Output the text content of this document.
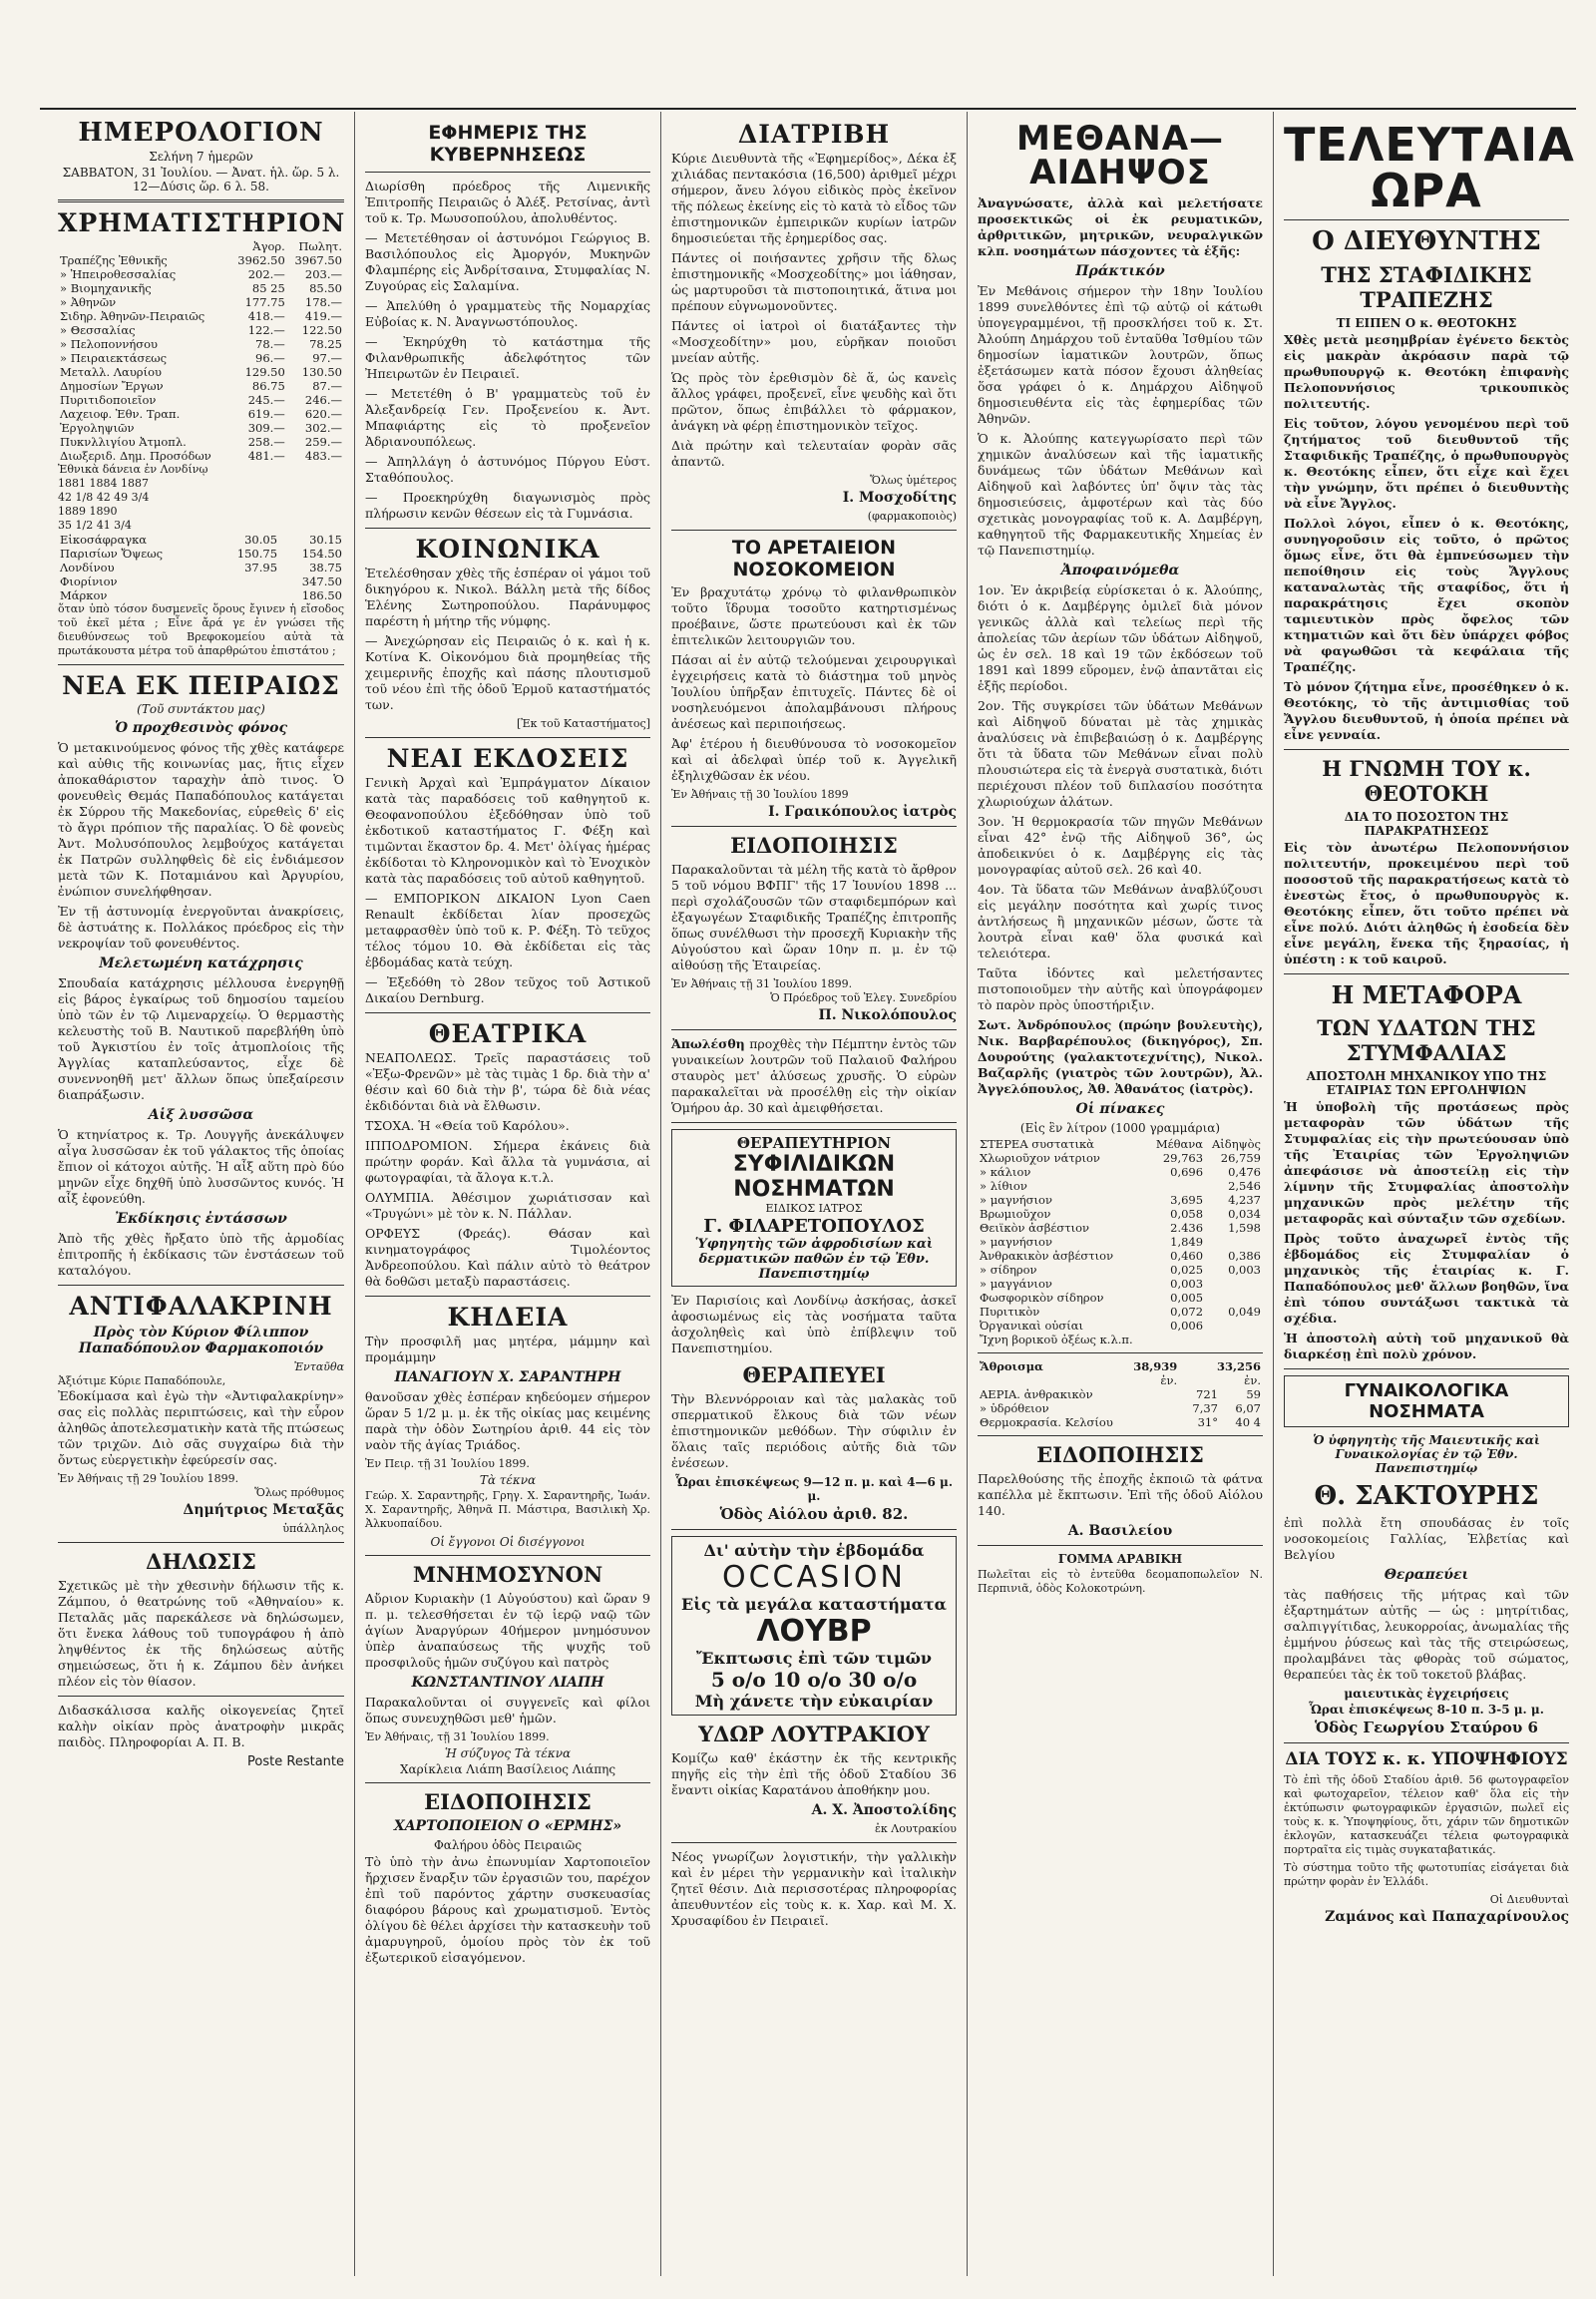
ΗΜΕΡΟΛΟΓΙΟΝ
Σελήνη 7 ἡμερῶν
ΣΑΒΒΑΤΟΝ, 31 Ἰουλίου. — Ἀνατ. ἡλ. ὥρ. 5 λ. 12—Δύσις ὥρ. 6 λ. 58.
ΧΡΗΜΑΤΙΣΤΗΡΙΟΝ
	Ἀγορ.	Πωλητ.
Τραπέζης Ἐθνικῆς	3962.50	3967.50
» Ἠπειροθεσσαλίας	202.—	203.—
» Βιομηχανικῆς	85 25	85.50
» Ἀθηνῶν	177.75	178.—
Σιδηρ. Ἀθηνῶν-Πειραιῶς	418.—	419.—
» Θεσσαλίας	122.—	122.50
» Πελοποννήσου	78.—	78.25
» Πειραιεκτάσεως	96.—	97.—
Μεταλλ. Λαυρίου	129.50	130.50
Δημοσίων Ἔργων	86.75	87.—
Πυριτιδοποιεῖον	245.—	246.—
Λαχειοφ. Ἐθν. Τραπ.	619.—	620.—
Ἐργοληψιῶν	309.—	302.—
Πυκνλλιγίου Ἀτμοπλ.	258.—	259.—
Διωξεριδ. Δημ. Προσόδων	481.—	483.—
Ἐθνικὰ δάνεια ἐν Λονδίνῳ
1881 1884 1887
42 1/8 42 49 3/4
1889 1890
35 1/2 41 3/4
Εἰκοσάφραγκα	30.05	30.15
Παρισίων Ὄψεως	150.75	154.50
Λονδίνου	37.95	38.75
Φιορίνιον		347.50
Μάρκον		186.50

ὅταν ὑπὸ τόσον δυσμενεῖς ὅρους ἔγινεν ἡ εἴσοδος τοῦ ἐκεῖ μέτα ; Εἶνε ἄρά γε ἐν γνώσει τῆς διευθύνσεως τοῦ Βρεφοκομείου αὐτὰ τὰ πρωτάκουστα μέτρα τοῦ ἀπαρθρώτου ἐπιστάτου ;

ΝΕΑ ΕΚ ΠΕΙΡΑΙΩΣ
(Τοῦ συντάκτου μας)
Ὁ προχθεσινὸς φόνος

Ὁ μετακινούμενος φόνος τῆς χθὲς κατάφερε καὶ αὐθις τῆς κοινωνίας μας, ἥτις εἶχεν ἀποκαθάριστον ταραχὴν ἀπὸ τινος. Ὁ φονευθεὶς Θεμάς Παπαδόπουλος κατάγεται ἐκ Σύρρου τῆς Μακεδονίας, εὑρεθεὶς δ' εἰς τὸ ἄγρι πρόπιον τῆς παραλίας. Ὁ δὲ φονεὺς Ἀντ. Μολυσόπουλος λεμβούχος κατάγεται ἐκ Πατρῶν συλληφθεὶς δὲ εἰς ἐνδιάμεσον μετὰ τῶν Κ. Ποταμιάνου καὶ Ἀργυρίου, ἐνώπιον συνελήφθησαν.

Ἐν τῇ ἀστυνομίᾳ ἐνεργοῦνται ἀνακρίσεις, δὲ ἀστυάτης κ. Πολλάκος πρόεδρος εἰς τὴν νεκροψίαν τοῦ φονευθέντος.

Μελετωμένη κατάχρησις

Σπουδαία κατάχρησις μέλλουσα ἐνεργηθῇ εἰς βάρος ἐγκαίρως τοῦ δημοσίου ταμείου ὑπὸ τῶν ἐν τῷ Λιμεναρχείῳ. Ὁ θερμαστὴς κελευστὴς τοῦ Β. Ναυτικοῦ παρεβλήθη ὑπὸ τοῦ Ἀγκιστίου ἐν τοῖς ἀτμοπλοίοις τῆς Ἀγγλίας καταπλεύσαντος, εἶχε δὲ συνεννοηθῆ μετ' ἄλλων ὅπως ὑπεξαίρεσιν διαπράξωσιν.

Αἱξ λυσσῶσα

Ὁ κτηνίατρος κ. Τρ. Λουγγῆς ἀνεκάλυψεν αἶγα λυσσῶσαν ἐκ τοῦ γάλακτος τῆς ὁποίας ἔπιον οἱ κάτοχοι αὐτῆς. Ἡ αἶξ αὕτη πρὸ δύο μηνῶν εἶχε δηχθῆ ὑπὸ λυσσῶντος κυνός. Ἡ αἶξ ἐφονεύθη.

Ἐκδίκησις ἐντάσσων

Ἀπὸ τῆς χθὲς ἤρξατο ὑπὸ τῆς ἀρμοδίας ἐπιτροπῆς ἡ ἐκδίκασις τῶν ἐνστάσεων τοῦ καταλόγου.

ΑΝΤΙΦΑΛΑΚΡΙΝΗ
Πρὸς τὸν Κύριον Φίλιππον Παπαδόπουλον Φαρμακοποιόν
Ἐνταῦθα
Ἀξιότιμε Κύριε Παπαδόπουλε,

Ἐδοκίμασα καὶ ἐγὼ τὴν «Ἀντιφαλακρίνην» σας εἰς πολλὰς περιπτώσεις, καὶ τὴν εὗρον ἀληθῶς ἀποτελεσματικὴν κατὰ τῆς πτώσεως τῶν τριχῶν. Διὸ σᾶς συγχαίρω διὰ τὴν ὄντως εὐεργετικὴν ἐφεύρεσίν σας.

Ἐν Ἀθήναις τῇ 29 Ἰουλίου 1899.
Ὅλως πρόθυμος
Δημήτριος Μεταξᾶς
ὑπάλληλος
ΔΗΛΩΣΙΣ

Σχετικῶς μὲ τὴν χθεσινὴν δήλωσιν τῆς κ. Ζάμπου, ὁ θεατρώνης τοῦ «Ἀθηναίου» κ. Πεταλᾶς μᾶς παρεκάλεσε νὰ δηλώσωμεν, ὅτι ἔνεκα λάθους τοῦ τυπογράφου ἡ ἀπὸ ληψθέντος ἐκ τῆς δηλώσεως αὐτῆς σημειώσεως, ὅτι ἡ κ. Ζάμπου δὲν ἀνήκει πλέον εἰς τὸν θίασον.

Διδασκάλισσα καλῆς οἰκογενείας ζητεῖ καλὴν οἰκίαν πρὸς ἀνατροφὴν μικρᾶς παιδὸς. Πληροφορίαι Α. Π. Β.

Poste Restante
ΕΦΗΜΕΡΙΣ ΤΗΣ ΚΥΒΕΡΝΗΣΕΩΣ

Διωρίσθη πρόεδρος τῆς Λιμενικῆς Ἐπιτροπῆς Πειραιῶς ὁ Ἀλέξ. Ρετσίνας, ἀντὶ τοῦ κ. Τρ. Μωυσοπούλου, ἀπολυθέντος.

— Μετετέθησαν οἱ ἀστυνόμοι Γεώργιος Β. Βασιλόπουλος εἰς Ἀμοργόν, Μυκηνῶν Φλαμπέρης εἰς Ἀνδρίτσαινα, Στυμφαλίας Ν. Ζυγούρας εἰς Σαλαμίνα.

— Ἀπελύθη ὁ γραμματεὺς τῆς Νομαρχίας Εὐβοίας κ. Ν. Ἀναγνωστόπουλος.

— Ἐκηρύχθη τὸ κατάστημα τῆς Φιλανθρωπικῆς ἀδελφότητος τῶν Ἠπειρωτῶν ἐν Πειραιεῖ.

— Μετετέθη ὁ Β' γραμματεὺς τοῦ ἐν Ἀλεξανδρείᾳ Γεν. Προξενείου κ. Ἀντ. Μπαφιάρτης εἰς τὸ προξενεῖον Ἀδριανουπόλεως.

— Ἀπηλλάγη ὁ ἀστυνόμος Πύργου Εὐστ. Σταθόπουλος.

— Προεκηρύχθη διαγωνισμὸς πρὸς πλήρωσιν κενῶν θέσεων εἰς τὰ Γυμνάσια.

ΚΟΙΝΩΝΙΚΑ

Ἐτελέσθησαν χθὲς τῆς ἑσπέραν οἱ γάμοι τοῦ δικηγόρου κ. Νικολ. Βάλλη μετὰ τῆς δίδος Ἑλένης Σωτηροπούλου. Παράνυμφος παρέστη ἡ μήτηρ τῆς νύμφης.

— Ἀνεχώρησαν εἰς Πειραιῶς ὁ κ. καὶ ἡ κ. Κοτίνα Κ. Οἰκονόμου διὰ προμηθείας τῆς χειμερινῆς ἐποχῆς καὶ πάσης πλουτισμοῦ τοῦ νέου ἐπὶ τῆς ὁδοῦ Ἑρμοῦ καταστήματός των.

[Ἐκ τοῦ Καταστήματος]
ΝΕΑΙ ΕΚΔΟΣΕΙΣ

Γενικὴ Ἀρχαὶ καὶ Ἐμπράγματον Δίκαιον κατὰ τὰς παραδόσεις τοῦ καθηγητοῦ κ. Θεοφανοπούλου ἐξεδόθησαν ὑπὸ τοῦ ἐκδοτικοῦ καταστήματος Γ. Φέξη καὶ τιμῶνται ἕκαστον δρ. 4. Μετ' ὀλίγας ἡμέρας ἐκδίδοται τὸ Κληρονομικὸν καὶ τὸ Ἐνοχικὸν κατὰ τὰς παραδόσεις τοῦ αὐτοῦ καθηγητοῦ.

— ΕΜΠΟΡΙΚΟΝ ΔΙΚΑΙΟΝ Lyon Caen Renault ἐκδίδεται λίαν προσεχῶς μεταφρασθὲν ὑπὸ τοῦ κ. Ρ. Φέξη. Τὸ τεῦχος τέλος τόμου 10. Θὰ ἐκδίδεται εἰς τὰς ἑβδομάδας κατὰ τεύχη.

— Ἐξεδόθη τὸ 28ον τεῦχος τοῦ Ἀστικοῦ Δικαίου Dernburg.

ΘΕΑΤΡΙΚΑ

ΝΕΑΠΟΛΕΩΣ. Τρεῖς παραστάσεις τοῦ «Ἐξω-Φρενῶν» μὲ τὰς τιμὰς 1 δρ. διὰ τὴν α' θέσιν καὶ 60 διὰ τὴν β', τώρα δὲ διὰ νέας ἐκδιδόνται διὰ νὰ ἔλθωσιν.

ΤΣΟΧΑ. Ἡ «Θεία τοῦ Καρόλου».

ΙΠΠΟΔΡΟΜΙΟΝ. Σήμερα ἐκάνεις διὰ πρώτην φοράν. Καὶ ἄλλα τὰ γυμνάσια, αἱ φωτογραφίαι, τὰ ἄλογα κ.τ.λ.

ΟΛΥΜΠΙΑ. Ἀθέσιμον χωριάτισσαν καὶ «Τρυγώνι» μὲ τὸν κ. Ν. Πάλλαν.

ΟΡΦΕΥΣ (Φρεάς). Θάσαν καὶ κινηματογράφος Τιμολέοντος Ἀνδρεοπούλου. Καὶ πάλιν αὐτὸ τὸ θεάτρον θὰ δοθῶσι μεταξὺ παραστάσεις.

ΚΗΔΕΙΑ

Τὴν προσφιλῆ μας μητέρα, μάμμην καὶ προμάμμην

ΠΑΝΑΓΙΟΥΝ Χ. ΣΑΡΑΝΤΗΡΗ

θανοῦσαν χθὲς ἑσπέραν κηδεύομεν σήμερον ὥραν 5 1/2 μ. μ. ἐκ τῆς οἰκίας μας κειμένης παρὰ τὴν ὁδὸν Σωτηρίου ἀριθ. 44 εἰς τὸν ναὸν τῆς ἁγίας Τριάδος.

Ἐν Πειρ. τῇ 31 Ἰουλίου 1899.
Τὰ τέκνα

Γεώρ. Χ. Σαραντηρῆς, Γρηγ. Χ. Σαραντηρῆς, Ἰωάν. Χ. Σαραντηρῆς, Ἀθηνᾶ Π. Μάστιρα, Βασιλικὴ Χρ. Ἀλκυοπαίδου.

Οἱ ἔγγονοι Οἱ δισέγγονοι
ΜΝΗΜΟΣΥΝΟΝ

Αὔριον Κυριακὴν (1 Αὐγούστου) καὶ ὥραν 9 π. μ. τελεσθήσεται ἐν τῷ ἱερῷ ναῷ τῶν ἁγίων Ἀναργύρων 40ήμερον μνημόσυνον ὑπὲρ ἀναπαύσεως τῆς ψυχῆς τοῦ προσφιλοῦς ἡμῶν συζύγου καὶ πατρὸς

ΚΩΝΣΤΑΝΤΙΝΟΥ ΛΙΑΠΗ

Παρακαλοῦνται οἱ συγγενεῖς καὶ φίλοι ὅπως συνευχηθῶσι μεθ' ἡμῶν.

Ἐν Ἀθήναις, τῇ 31 Ἰουλίου 1899.
Ἡ σύζυγος Τὰ τέκνα
Χαρίκλεια Λιάπη Βασίλειος Λιάπης
ΕΙΔΟΠΟΙΗΣΙΣ
ΧΑΡΤΟΠΟΙΕΙΟΝ Ο «ΕΡΜΗΣ»
Φαλήρου ὁδὸς Πειραιῶς

Τὸ ὑπὸ τὴν ἀνω ἐπωνυμίαν Χαρτοποιεῖον ἤρχισεν ἔναρξιν τῶν ἐργασιῶν του, παρέχον ἐπὶ τοῦ παρόντος χάρτην συσκευασίας διαφόρου βάρους καὶ χρωματισμοῦ. Ἐντὸς ὀλίγου δὲ θέλει ἀρχίσει τὴν κατασκευὴν τοῦ ἀμαρυγηροῦ, ὁμοίου πρὸς τὸν ἐκ τοῦ ἐξωτερικοῦ εἰσαγόμενον.

ΔΙΑΤΡΙΒΗ

Κύριε Διευθυντὰ τῆς «Ἐφημερίδος», Δέκα ἐξ χιλιάδας πεντακόσια (16,500) ἀριθμεῖ μέχρι σήμερον, ἄνευ λόγου εἰδικὸς πρὸς ἐκεῖνον τῆς πόλεως ἐκείνης εἰς τὸ κατὰ τὸ εἶδος τῶν ἐπιστημονικῶν ἐμπειρικῶν κυρίων ἰατρῶν δημοσιεύεται τῆς ἐρημερίδος σας.

Πάντες οἱ ποιήσαντες χρῆσιν τῆς δλως ἐπιστημονικῆς «Μοσχεοδίτης» μοι ἰάθησαν, ὡς μαρτυροῦσι τὰ πιστοποιητικά, ἅτινα μοι πρέπουν εὐγνωμονοῦντες.

Πάντες οἱ ἰατροὶ οἱ διατάξαντες τὴν «Μοσχεοδίτην» μου, εὑρῆκαν ποιοῦσι μνείαν αὐτῆς.

Ὡς πρὸς τὸν ἐρεθισμὸν δὲ ἅ, ὡς κανεὶς ἄλλος γράφει, προξενεῖ, εἶνε ψευδὴς καὶ ὅτι πρῶτον, ὅπως ἐπιβάλλει τὸ φάρμακον, ἀνάγκη νὰ φέρῃ ἐπιστημονικὸν τεῖχος.

Διὰ πρώτην καὶ τελευταίαν φορὰν σᾶς ἀπαντῶ.

Ὅλως ὑμέτερος
Ι. Μοσχοδίτης
(φαρμακοποιὸς)
ΤΟ ΑΡΕΤΑΙΕΙΟΝ ΝΟΣΟΚΟΜΕΙΟΝ

Ἐν βραχυτάτῳ χρόνῳ τὸ φιλανθρωπικὸν τοῦτο ἵδρυμα τοσοῦτο κατηρτισμένως προέβαινε, ὥστε πρωτεύουσι καὶ ἐκ τῶν ἐπιτελικῶν λειτουργιῶν του.

Πάσαι αἱ ἐν αὐτῷ τελούμεναι χειρουργικαὶ ἐγχειρήσεις κατὰ τὸ διάστημα τοῦ μηνὸς Ἰουλίου ὑπῆρξαν ἐπιτυχεῖς. Πάντες δὲ οἱ νοσηλευόμενοι ἀπολαμβάνουσι πλήρους ἀνέσεως καὶ περιποιήσεως.

Ἀφ' ἑτέρου ἡ διευθύνουσα τὸ νοσοκομεῖον καὶ αἱ ἀδελφαὶ ὑπέρ τοῦ κ. Ἀγγελικῆ ἐξηλιχθῶσαν ἐκ νέου.

Ἐν Ἀθήναις τῇ 30 Ἰουλίου 1899
Ι. Γραικόπουλος ἰατρὸς
ΕΙΔΟΠΟΙΗΣΙΣ

Παρακαλοῦνται τὰ μέλη τῆς κατὰ τὸ ἄρθρον 5 τοῦ νόμου ΒΦΠΓ' τῆς 17 Ἰουνίου 1898 ... περὶ σχολάζουσῶν τῶν σταφιδεμπόρων καὶ ἐξαγωγέων Σταφιδικῆς Τραπέζης ἐπιτροπῆς ὅπως συνέλθωσι τὴν προσεχῆ Κυριακὴν τῆς Αὐγούστου καὶ ὥραν 10ην π. μ. ἐν τῷ αἰθούσῃ τῆς Ἑταιρείας.

Ἐν Ἀθήναις τῇ 31 Ἰουλίου 1899.
Ὁ Πρόεδρος τοῦ Ἐλεγ. Συνεδρίου
Π. Νικολόπουλος

Ἀπωλέσθη προχθὲς τὴν Πέμπτην ἐντὸς τῶν γυναικείων λουτρῶν τοῦ Παλαιοῦ Φαλήρου σταυρὸς μετ' ἁλύσεως χρυσῆς. Ὁ εὑρὼν παρακαλεῖται νὰ προσέλθῃ εἰς τὴν οἰκίαν Ὁμήρου ἀρ. 30 καὶ ἀμειφθήσεται.

ΘΕΡΑΠΕΥΤΗΡΙΟΝ
ΣΥΦΙΛΙΔΙΚΩΝ ΝΟΣΗΜΑΤΩΝ
ΕΙΔΙΚΟΣ ΙΑΤΡΟΣ
Γ. ΦΙΛΑΡΕΤΟΠΟΥΛΟΣ
Ὑφηγητὴς τῶν ἀφροδισίων καὶ δερματικῶν παθῶν ἐν τῷ Ἐθν. Πανεπιστημίῳ

Ἐν Παρισίοις καὶ Λονδίνῳ ἀσκήσας, ἀσκεῖ ἀφοσιωμένως εἰς τὰς νοσήματα ταῦτα ἀσχοληθεὶς καὶ ὑπὸ ἐπίβλεψιν τοῦ Πανεπιστημίου.

ΘΕΡΑΠΕΥΕΙ

Τὴν Βλεννόρροιαν καὶ τὰς μαλακὰς τοῦ σπερματικοῦ ἔλκους διὰ τῶν νέων ἐπιστημονικῶν μεθόδων. Τὴν σύφιλιν ἐν ὅλαις ταῖς περιόδοις αὐτῆς διὰ τῶν ἐνέσεων.

Ὧραι ἐπισκέψεως 9—12 π. μ. καὶ 4—6 μ. μ.
Ὁδὸς Αἰόλου ἀριθ. 82.
Δι' αὐτὴν τὴν ἑβδομάδα
OCCASION
Εἰς τὰ μεγάλα καταστήματα
ΛΟΥΒΡ
Ἔκπτωσις ἐπὶ τῶν τιμῶν
5 ο/ο 10 ο/ο 30 ο/ο
Μὴ χάνετε τὴν εὐκαιρίαν
ΥΔΩΡ ΛΟΥΤΡΑΚΙΟΥ

Κομίζω καθ' ἑκάστην ἐκ τῆς κεντρικῆς πηγῆς εἰς τὴν ἐπὶ τῆς ὁδοῦ Σταδίου 36 ἔναντι οἰκίας Καρατάνου ἀποθήκην μου.

Α. Χ. Ἀποστολίδης
ἐκ Λουτρακίου

Νέος γνωρίζων λογιστικήν, τὴν γαλλικὴν καὶ ἐν μέρει τὴν γερμανικὴν καὶ ἰταλικὴν ζητεῖ θέσιν. Διὰ περισσοτέρας πληροφορίας ἀπευθυντέον εἰς τοὺς κ. κ. Χαρ. καὶ Μ. Χ. Χρυσαφίδου ἐν Πειραιεῖ.

ΜΕΘΑΝΑ—ΑΙΔΗΨΟΣ

Ἀναγνώσατε, ἀλλὰ καὶ μελετήσατε προσεκτικῶς οἱ ἐκ ρευματικῶν, ἀρθριτικῶν, μητρικῶν, νευραλγικῶν κλπ. νοσημάτων πάσχοντες τὰ ἑξῆς:

Πράκτικόν

Ἐν Μεθάνοις σήμερον τὴν 18ην Ἰουλίου 1899 συνελθόντες ἐπὶ τῷ αὐτῷ οἱ κάτωθι ὑπογεγραμμένοι, τῇ προσκλήσει τοῦ κ. Στ. Ἀλούπη Δημάρχου τοῦ ἐνταῦθα Ἰσθμίου τῶν δημοσίων ἰαματικῶν λουτρῶν, ὅπως ἐξετάσωμεν κατὰ πόσον ἔχουσι ἀληθείας ὅσα γράφει ὁ κ. Δημάρχου Αἰδηψοῦ δημοσιευθέντα εἰς τὰς ἐφημερίδας τῶν Ἀθηνῶν.

Ὁ κ. Ἀλούπης κατεγγωρίσατο περὶ τῶν χημικῶν ἀναλύσεων καὶ τῆς ἰαματικῆς δυνάμεως τῶν ὑδάτων Μεθάνων καὶ Αἰδηψοῦ καὶ λαβόντες ὑπ' ὄψιν τὰς τὰς δημοσιεύσεις, ἀμφοτέρων καὶ τὰς δύο σχετικὰς μονογραφίας τοῦ κ. Α. Δαμβέργη, καθηγητοῦ τῆς Φαρμακευτικῆς Χημείας ἐν τῷ Πανεπιστημίῳ.

Ἀποφαινόμεθα

1ον. Ἐν ἀκριβείᾳ εὑρίσκεται ὁ κ. Ἀλούπης, διότι ὁ κ. Δαμβέργης ὁμιλεῖ διὰ μόνον γενικῶς ἀλλὰ καὶ τελείως περὶ τῆς ἀπολείας τῶν ἀερίων τῶν ὑδάτων Αἰδηψοῦ, ὡς ἐν σελ. 18 καὶ 19 τῶν ἐκδόσεων τοῦ 1891 καὶ 1899 εὕρομεν, ἐνῷ ἀπαντᾶται εἰς ἑξῆς περίοδοι.

2ον. Τῆς συγκρίσει τῶν ὑδάτων Μεθάνων καὶ Αἰδηψοῦ δύναται μὲ τὰς χημικὰς ἀναλύσεις νὰ ἐπιβεβαιώσῃ ὁ κ. Δαμβέργης ὅτι τὰ ὕδατα τῶν Μεθάνων εἶναι πολὺ πλουσιώτερα εἰς τὰ ἐνεργὰ συστατικὰ, διότι περιέχουσι πλέον τοῦ διπλασίου ποσότητα χλωριούχων ἁλάτων.

3ον. Ἡ θερμοκρασία τῶν πηγῶν Μεθάνων εἶναι 42° ἐνῷ τῆς Αἰδηψοῦ 36°, ὡς ἀποδεικνύει ὁ κ. Δαμβέργης εἰς τὰς μονογραφίας αὐτοῦ σελ. 26 καὶ 40.

4ον. Τὰ ὕδατα τῶν Μεθάνων ἀναβλύζουσι εἰς μεγάλην ποσότητα καὶ χωρίς τινος ἀντλήσεως ἢ μηχανικῶν μέσων, ὥστε τὰ λουτρὰ εἶναι καθ' ὅλα φυσικά καὶ τελειότερα.

Ταῦτα ἰδόντες καὶ μελετήσαντες πιστοποιοῦμεν τὴν αὐτῆς καὶ ὑπογράφομεν τὸ παρὸν πρὸς ὑποστήριξιν.

Σωτ. Ἀνδρόπουλος (πρώην βουλευτὴς), Νικ. Βαρβαρέπουλος (δικηγόρος), Σπ. Δουρούτης (γαλακτοτεχνίτης), Νικολ. Βαζαρλῆς (γιατρὸς τῶν λουτρῶν), Ἀλ. Ἀγγελόπουλος, Ἀθ. Ἀθανάτος (ἰατρὸς).

Οἱ πίνακες
(Εἰς ἓν λίτρον (1000 γραμμάρια)
ΣΤΕΡΕΑ συστατικὰ	Μέθανα	Αἰδηψὸς
Χλωριοῦχον νάτριον	29,763	26,759
» κάλιον	0,696	0,476
» λίθιον		2,546
» μαγνήσιον	3,695	4,237
Βρωμιοῦχον	0,058	0,034
Θειϊκὸν ἀσβέστιον	2.436	1,598
» μαγνήσιον	1,849	
Ἀνθρακικὸν ἀσβέστιον	0,460	0,386
» σίδηρον	0,025	0,003
» μαγγάνιον	0,003	
Φωσφορικὸν σίδηρον	0,005	
Πυριτικὸν	0,072	0,049
Ὀργανικαὶ οὐσίαι	0,006	
Ἴχνη βορικοῦ ὀξέως κ.λ.π.		
Ἄθροισμα	38,939	33,256
	ἐν.	ἐν.
ΑΕΡΙΑ. ἀνθρακικὸν	721	59
» ὑδρόθειον	7,37	6,07
Θερμοκρασία. Κελσίου	31°	40 4
ΕΙΔΟΠΟΙΗΣΙΣ

Παρελθούσης τῆς ἐποχῆς ἐκποιῶ τὰ φάτνα καπέλλα μὲ ἔκπτωσιν. Ἐπὶ τῆς ὁδοῦ Αἰόλου 140.

Α. Βασιλείου
ΓΟΜΜΑ ΑΡΑΒΙΚΗ

Πωλεῖται εἰς τὸ ἐντεῦθα δεομαποπωλεῖον Ν. Περπινιᾶ, ὁδὸς Κολοκοτρώνη.

ΤΕΛΕΥΤΑΙΑ ΩΡΑ
Ο ΔΙΕΥΘΥΝΤΗΣ
ΤΗΣ ΣΤΑΦΙΔΙΚΗΣ ΤΡΑΠΕΖΗΣ
ΤΙ ΕΙΠΕΝ Ο κ. ΘΕΟΤΟΚΗΣ

Χθὲς μετὰ μεσημβρίαν ἐγένετο δεκτὸς εἰς μακρὰν ἀκρόασιν παρὰ τῷ πρωθυπουργῷ κ. Θεοτόκη ἐπιφανὴς Πελοποννήσιος τρικουπικὸς πολιτευτής.

Εἰς τοῦτον, λόγου γενομένου περὶ τοῦ ζητήματος τοῦ διευθυντοῦ τῆς Σταφιδικῆς Τραπέζης, ὁ πρωθυπουργὸς κ. Θεοτόκης εἶπεν, ὅτι εἶχε καὶ ἔχει τὴν γνώμην, ὅτι πρέπει ὁ διευθυντὴς νὰ εἶνε Ἄγγλος.

Πολλοὶ λόγοι, εἶπεν ὁ κ. Θεοτόκης, συνηγοροῦσιν εἰς τοῦτο, ὁ πρῶτος ὅμως εἶνε, ὅτι θὰ ἐμπνεύσωμεν τὴν πεποίθησιν εἰς τοὺς Ἄγγλους καταναλωτὰς τῆς σταφίδος, ὅτι ἡ παρακράτησις ἔχει σκοπὸν ταμιευτικὸν πρὸς ὄφελος τῶν κτηματιῶν καὶ ὅτι δὲν ὑπάρχει φόβος νὰ φαγωθῶσι τὰ κεφάλαια τῆς Τραπέζης.

Τὸ μόνον ζήτημα εἶνε, προσέθηκεν ὁ κ. Θεοτόκης, τὸ τῆς ἀντιμισθίας τοῦ Ἄγγλου διευθυντοῦ, ἡ ὁποία πρέπει νὰ εἶνε γενναία.

Η ΓΝΩΜΗ ΤΟΥ κ. ΘΕΟΤΟΚΗ
ΔΙΑ ΤΟ ΠΟΣΟΣΤΟΝ ΤΗΣ ΠΑΡΑΚΡΑΤΗΣΕΩΣ

Εἰς τὸν ἀνωτέρω Πελοποννήσιον πολιτευτήν, προκειμένου περὶ τοῦ ποσοστοῦ τῆς παρακρατήσεως κατὰ τὸ ἐνεστὼς ἔτος, ὁ πρωθυπουργὸς κ. Θεοτόκης εἶπεν, ὅτι τοῦτο πρέπει νὰ εἶνε πολύ. Διότι ἀληθῶς ἡ ἐσοδεία δὲν εἶνε μεγάλη, ἕνεκα τῆς ξηρασίας, ἡ ὑπέστη : κ τοῦ καιροῦ.

Η ΜΕΤΑΦΟΡΑ
ΤΩΝ ΥΔΑΤΩΝ ΤΗΣ ΣΤΥΜΦΑΛΙΑΣ
ΑΠΟΣΤΟΛΗ ΜΗΧΑΝΙΚΟΥ ΥΠΟ ΤΗΣ ΕΤΑΙΡΙΑΣ ΤΩΝ ΕΡΓΟΛΗΨΙΩΝ

Ἡ ὑποβολὴ τῆς προτάσεως πρὸς μεταφορὰν τῶν ὑδάτων τῆς Στυμφαλίας εἰς τὴν πρωτεύουσαν ὑπὸ τῆς Ἐταιρίας τῶν Ἐργοληψιῶν ἀπεφάσισε νὰ ἀποστείλῃ εἰς τὴν λίμνην τῆς Στυμφαλίας ἀποστολὴν μηχανικῶν πρὸς μελέτην τῆς μεταφορᾶς καὶ σύνταξιν τῶν σχεδίων.

Πρὸς τοῦτο ἀναχωρεῖ ἐντὸς τῆς ἑβδομάδος εἰς Στυμφαλίαν ὁ μηχανικὸς τῆς ἑταιρίας κ. Γ. Παπαδόπουλος μεθ' ἄλλων βοηθῶν, ἵνα ἐπὶ τόπου συντάξωσι τακτικὰ τὰ σχέδια.

Ἡ ἀποστολὴ αὐτὴ τοῦ μηχανικοῦ θὰ διαρκέσῃ ἐπὶ πολὺ χρόνον.

ΓΥΝΑΙΚΟΛΟΓΙΚΑ ΝΟΣΗΜΑΤΑ
Ὁ ὑφηγητὴς τῆς Μαιευτικῆς καὶ Γυναικολογίας ἐν τῷ Ἐθν. Πανεπιστημίῳ
Θ. ΣΑΚΤΟΥΡΗΣ

ἐπὶ πολλὰ ἔτη σπουδάσας ἐν τοῖς νοσοκομείοις Γαλλίας, Ἑλβετίας καὶ Βελγίου

Θεραπεύει

τὰς παθήσεις τῆς μήτρας καὶ τῶν ἐξαρτημάτων αὐτῆς — ὡς : μητρίτιδας, σαλπιγγίτιδας, λευκορροίας, ἀνωμαλίας τῆς ἐμμήνου ῥύσεως καὶ τὰς τῆς στειρώσεως, προλαμβάνει τὰς φθορὰς τοῦ σώματος, θεραπεύει τὰς ἐκ τοῦ τοκετοῦ βλάβας.

μαιευτικὰς ἐγχειρήσεις
Ὧραι ἐπισκέψεως 8-10 π. 3-5 μ. μ.
Ὁδὸς Γεωργίου Σταύρου 6
ΔΙΑ ΤΟΥΣ κ. κ. ΥΠΟΨΗΦΙΟΥΣ

Τὸ ἐπὶ τῆς ὁδοῦ Σταδίου ἀριθ. 56 φωτογραφεῖον καὶ φωτοχαρεῖον, τέλειον καθ' ὅλα εἰς τὴν ἐκτύπωσιν φωτογραφικῶν ἐργασιῶν, πωλεῖ εἰς τοὺς κ. κ. Ὑποψηφίους, ὅτι, χάριν τῶν δημοτικῶν ἐκλογῶν, κατασκευάζει τέλεια φωτογραφικὰ πορτραῖτα εἰς τιμὰς συγκαταβατικάς.

Τὸ σύστημα τοῦτο τῆς φωτοτυπίας εἰσάγεται διὰ πρώτην φορὰν ἐν Ἑλλάδι.

Οἱ Διευθυνταὶ
Ζαμάνος καὶ Παπαχαρίνουλος
